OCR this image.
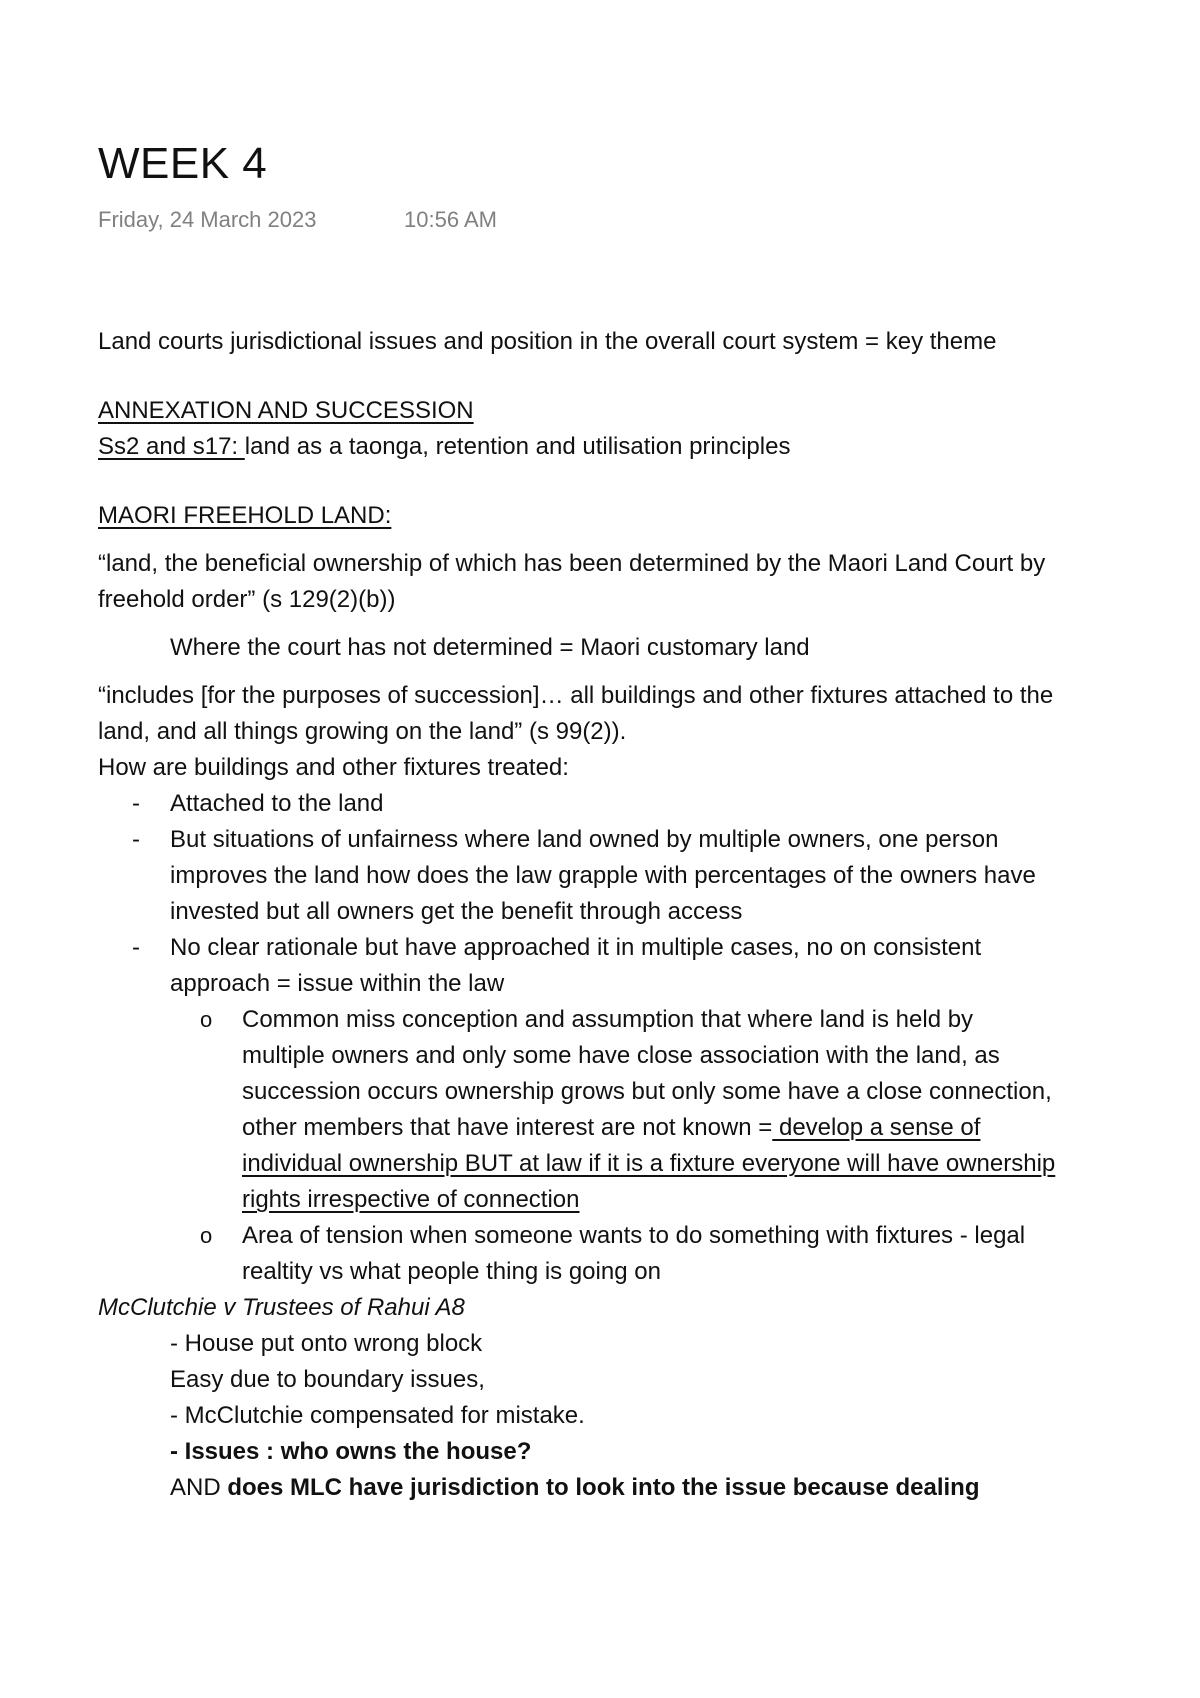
WEEK 4
Friday, 24 March 2023	10:56 AM

Land courts jurisdictional issues and position in the overall court system = key theme

ANNEXATION AND SUCCESSION

Ss2 and s17: land as a taonga, retention and utilisation principles

MAORI FREEHOLD LAND:

“land, the beneficial ownership of which has been determined by the Maori Land Court by freehold order” (s 129(2)(b))

Where the court has not determined = Maori customary land

“includes [for the purposes of succession]… all buildings and other fixtures attached to the land, and all things growing on the land” (s 99(2)).

How are buildings and other fixtures treated:

- Attached to the land
- But situations of unfairness where land owned by multiple owners, one person improves the land how does the law grapple with percentages of the owners have invested but all owners get the benefit through access
- No clear rationale but have approached it in multiple cases, no on consistent approach = issue within the law
o Common miss conception and assumption that where land is held by multiple owners and only some have close association with the land, as succession occurs ownership grows but only some have a close connection, other members that have interest are not known = develop a sense of individual ownership BUT at law if it is a fixture everyone will have ownership rights irrespective of connection
o Area of tension when someone wants to do something with fixtures - legal realtity vs what people thing is going on

McClutchie v Trustees of Rahui A8

- House put onto wrong block

Easy due to boundary issues,

- McClutchie compensated for mistake.

- Issues : who owns the house?

AND does MLC have jurisdiction to look into the issue because dealing
